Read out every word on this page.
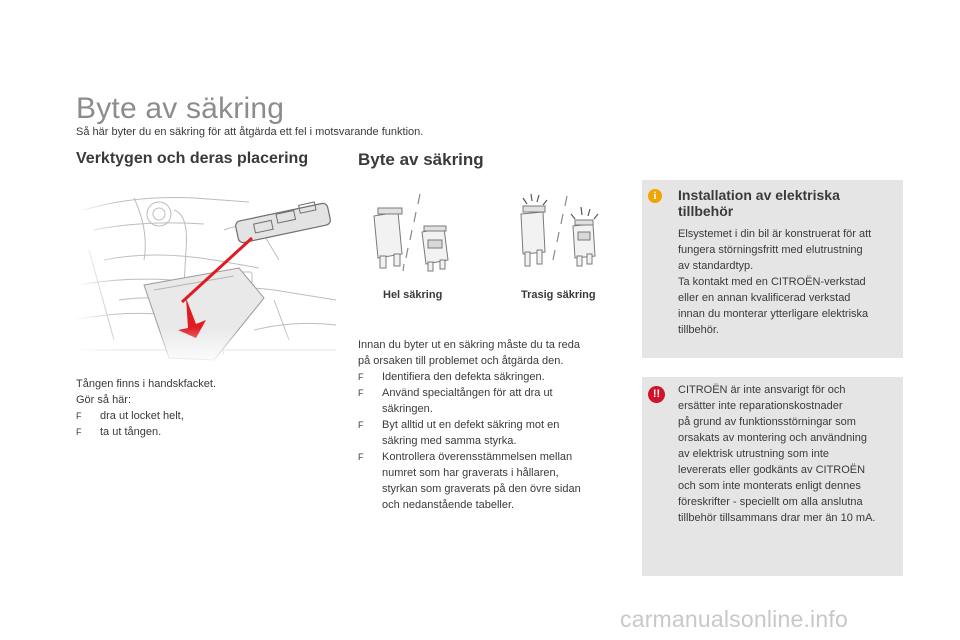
Byte av säkring
Så här byter du en säkring för att åtgärda ett fel i motsvarande funktion.
Verktygen och deras placering
Tången finns i handskfacket.
Gör så här:
F dra ut locket helt,
F ta ut tången.
Byte av säkring
Hel säkring	Trasig säkring
Innan du byter ut en säkring måste du ta reda
på orsaken till problemet och åtgärda den.
F Identifiera den defekta säkringen.
F Använd specialtången för att dra ut
säkringen.
F Byt alltid ut en defekt säkring mot en
säkring med samma styrka.
F Kontrollera överensstämmelsen mellan
numret som har graverats i hållaren,
styrkan som graverats på den övre sidan
och nedanstående tabeller.
i
Installation av elektriska tillbehör
Elsystemet i din bil är konstruerat för att
fungera störningsfritt med elutrustning
av standardtyp.
Ta kontakt med en CITROËN-verkstad
eller en annan kvalificerad verkstad
innan du monterar ytterligare elektriska
tillbehör.
!!
CITROËN är inte ansvarigt för och
ersätter inte reparationskostnader
på grund av funktionsstörningar som
orsakats av montering och användning
av elektrisk utrustning som inte
levererats eller godkänts av CITROËN
och som inte monterats enligt dennes
föreskrifter - speciellt om alla anslutna
tillbehör tillsammans drar mer än 10 mA.
carmanualsonline.info
